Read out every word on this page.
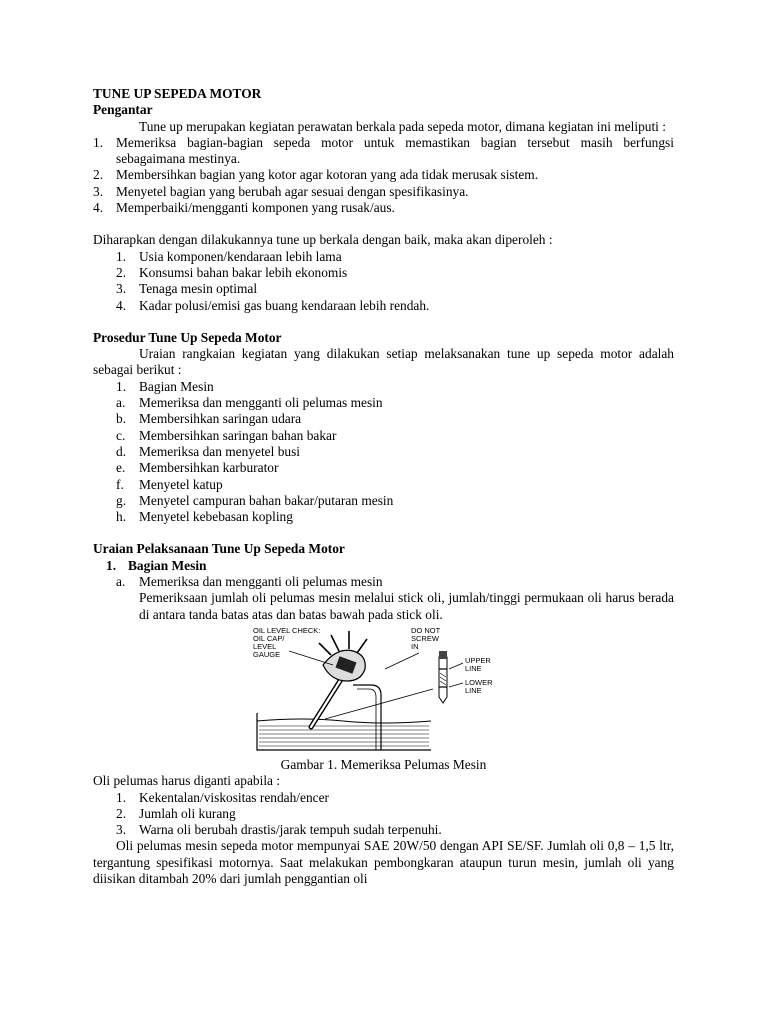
TUNE UP SEPEDA MOTOR
Pengantar

Tune up merupakan kegiatan perawatan berkala pada sepeda motor, dimana kegiatan ini meliputi :

1. Memeriksa bagian-bagian sepeda motor untuk memastikan bagian tersebut masih berfungsi sebagaimana mestinya.
2. Membersihkan bagian yang kotor agar kotoran yang ada tidak merusak sistem.
3. Menyetel bagian yang berubah agar sesuai dengan spesifikasinya.
4. Memperbaiki/mengganti komponen yang rusak/aus.

Diharapkan dengan dilakukannya tune up berkala dengan baik, maka akan diperoleh :

1. Usia komponen/kendaraan lebih lama
2. Konsumsi bahan bakar lebih ekonomis
3. Tenaga mesin optimal
4. Kadar polusi/emisi gas buang kendaraan lebih rendah.
Prosedur Tune Up Sepeda Motor

Uraian rangkaian kegiatan yang dilakukan setiap melaksanakan tune up sepeda motor adalah sebagai berikut :

1. Bagian Mesin
a. Memeriksa dan mengganti oli pelumas mesin
b. Membersihkan saringan udara
c. Membersihkan saringan bahan bakar
d. Memeriksa dan menyetel busi
e. Membersihkan karburator
f. Menyetel katup
g. Menyetel campuran bahan bakar/putaran mesin
h. Menyetel kebebasan kopling
Uraian Pelaksanaan Tune Up Sepeda Motor
1. Bagian Mesin
a. Memeriksa dan mengganti oli pelumas mesin

Pemeriksaan jumlah oli pelumas mesin melalui stick oli, jumlah/tinggi permukaan oli harus berada di antara tanda batas atas dan batas bawah pada stick oli.

OIL LEVEL CHECK:
OIL CAP/
LEVEL
GAUGE
DO NOT
SCREW
IN
UPPER
LINE
LOWER
LINE
Gambar 1. Memeriksa Pelumas Mesin

Oli pelumas harus diganti apabila :

1. Kekentalan/viskositas rendah/encer
2. Jumlah oli kurang
3. Warna oli berubah drastis/jarak tempuh sudah terpenuhi.

Oli pelumas mesin sepeda motor mempunyai SAE 20W/50 dengan API SE/SF. Jumlah oli 0,8 – 1,5 ltr, tergantung spesifikasi motornya. Saat melakukan pembongkaran ataupun turun mesin, jumlah oli yang diisikan ditambah 20% dari jumlah penggantian oli
